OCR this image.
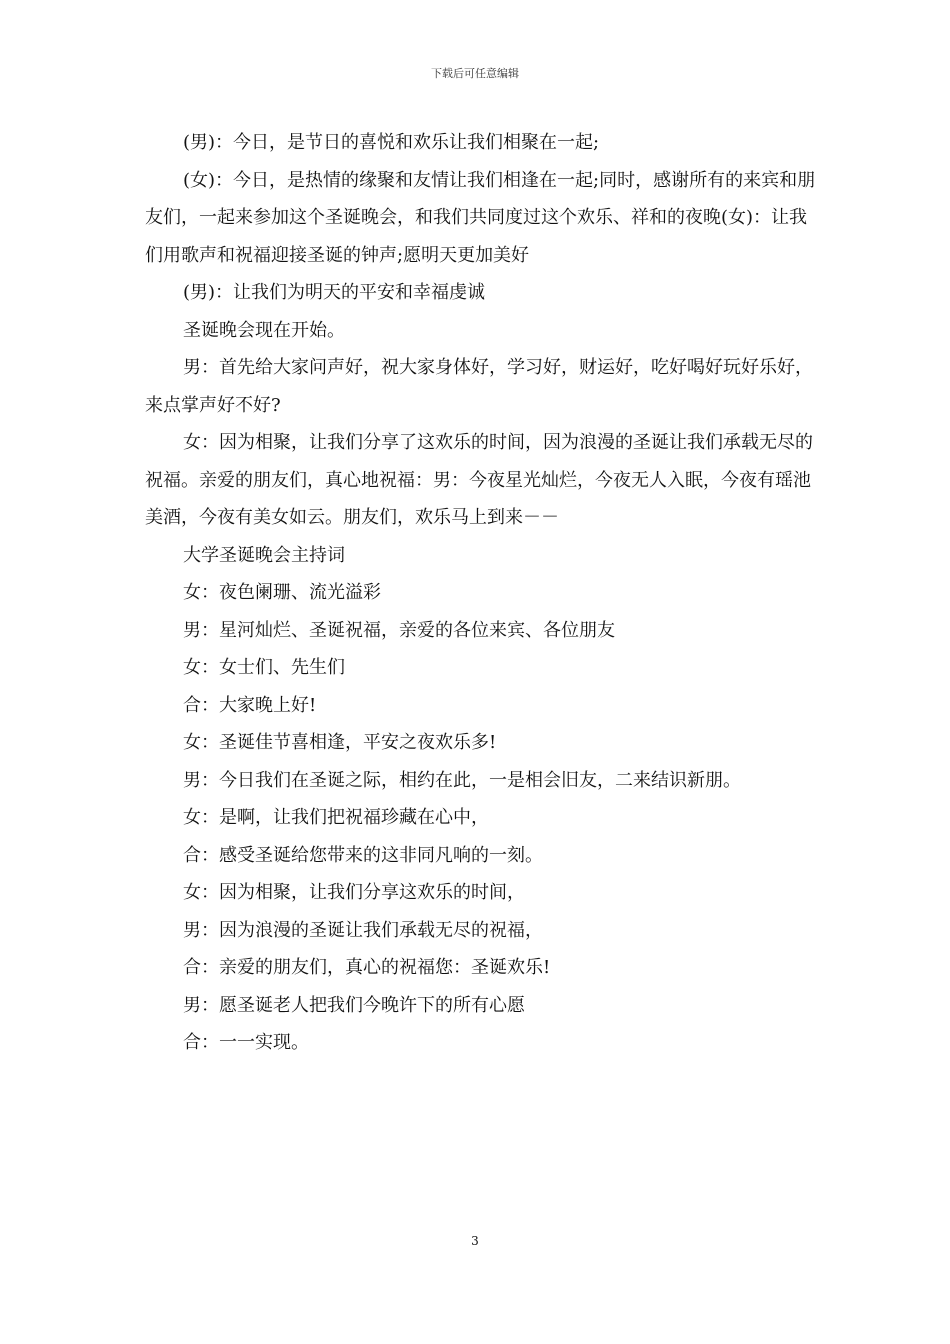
下载后可任意编辑

(男)：今日，是节日的喜悦和欢乐让我们相聚在一起;

(女)：今日，是热情的缘聚和友情让我们相逢在一起;同时，感谢所有的来宾和朋友们，一起来参加这个圣诞晚会，和我们共同度过这个欢乐、祥和的夜晚(女)：让我们用歌声和祝福迎接圣诞的钟声;愿明天更加美好

(男)：让我们为明天的平安和幸福虔诚

圣诞晚会现在开始。

男：首先给大家问声好，祝大家身体好，学习好，财运好，吃好喝好玩好乐好，来点掌声好不好?

女：因为相聚，让我们分享了这欢乐的时间，因为浪漫的圣诞让我们承载无尽的祝福。亲爱的朋友们，真心地祝福：男：今夜星光灿烂，今夜无人入眠，今夜有瑶池美酒，今夜有美女如云。朋友们，欢乐马上到来－－

大学圣诞晚会主持词

女：夜色阑珊、流光溢彩

男：星河灿烂、圣诞祝福，亲爱的各位来宾、各位朋友

女：女士们、先生们

合：大家晚上好!

女：圣诞佳节喜相逢，平安之夜欢乐多!

男：今日我们在圣诞之际，相约在此，一是相会旧友，二来结识新朋。

女：是啊，让我们把祝福珍藏在心中，

合：感受圣诞给您带来的这非同凡响的一刻。

女：因为相聚，让我们分享这欢乐的时间，

男：因为浪漫的圣诞让我们承载无尽的祝福，

合：亲爱的朋友们，真心的祝福您：圣诞欢乐!

男：愿圣诞老人把我们今晚许下的所有心愿

合：一一实现。

3
